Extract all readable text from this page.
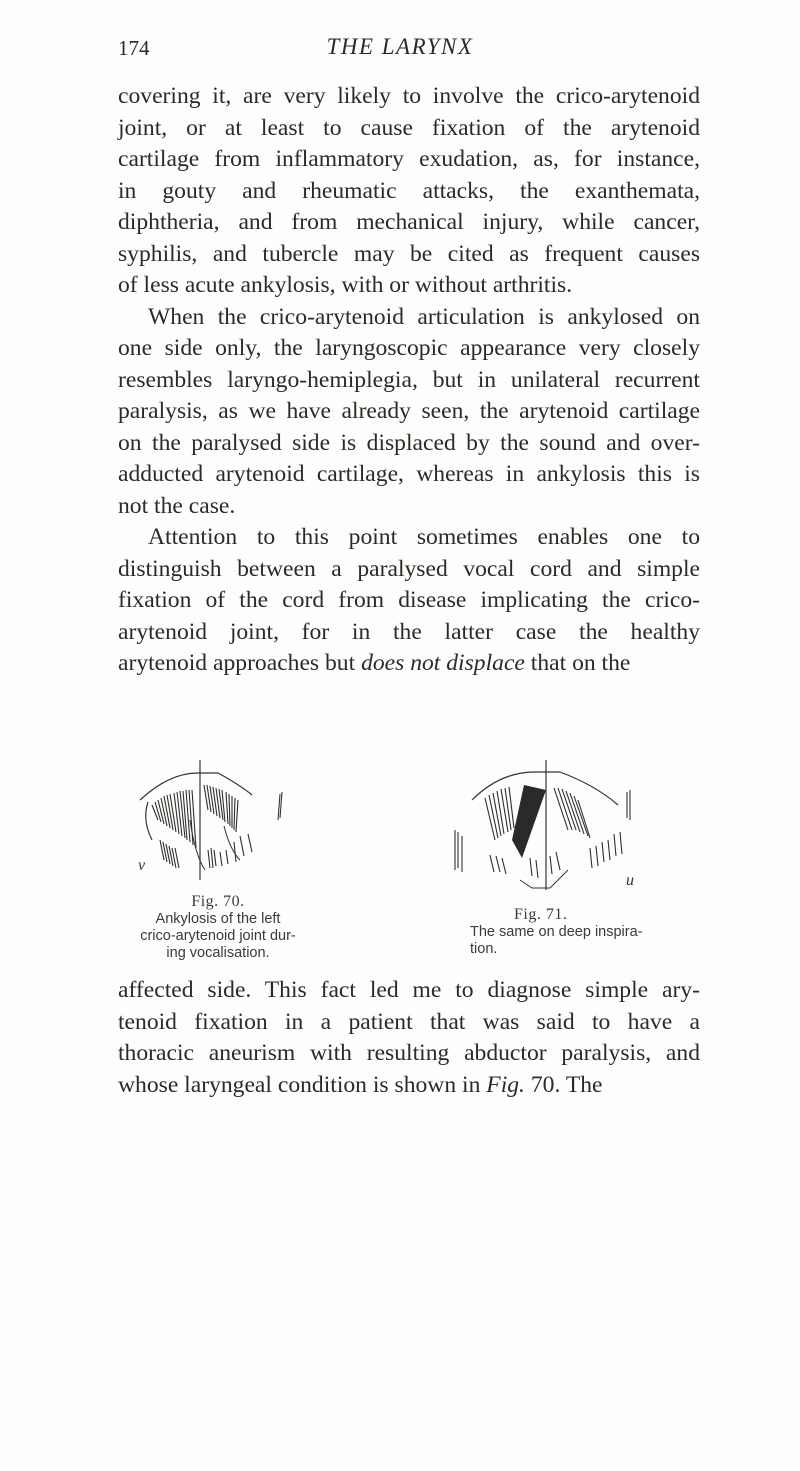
174	THE LARYNX
covering it, are very likely to involve the crico-arytenoid
joint, or at least to cause fixation of the arytenoid
cartilage from inflammatory exudation, as, for instance,
in gouty and rheumatic attacks, the exanthemata,
diphtheria, and from mechanical injury, while cancer,
syphilis, and tubercle may be cited as frequent causes
of less acute ankylosis, with or without arthritis.
When the crico-arytenoid articulation is ankylosed on
one side only, the laryngoscopic appearance very closely
resembles laryngo-hemiplegia, but in unilateral recurrent
paralysis, as we have already seen, the arytenoid cartilage
on the paralysed side is displaced by the sound and over-
adducted arytenoid cartilage, whereas in ankylosis this is
not the case.
Attention to this point sometimes enables one to
distinguish between a paralysed vocal cord and simple
fixation of the cord from disease implicating the crico-
arytenoid joint, for in the latter case the healthy
arytenoid approaches but does not displace that on the
v
Fig. 70.
Ankylosis of the left
crico-arytenoid joint dur-
ing vocalisation.
u
Fig. 71.
The same on deep inspira-
tion.
affected side. This fact led me to diagnose simple ary-
tenoid fixation in a patient that was said to have a
thoracic aneurism with resulting abductor paralysis, and
whose laryngeal condition is shown in Fig. 70. The
